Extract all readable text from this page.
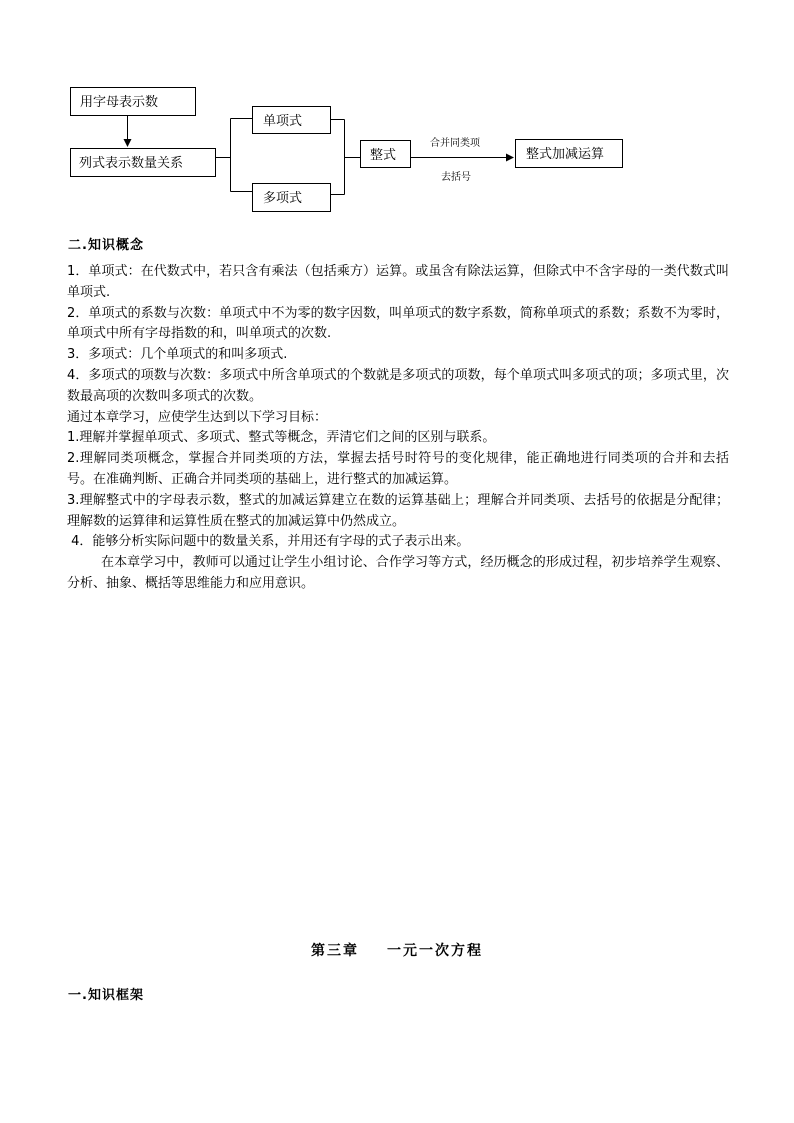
用字母表示数
列式表示数量关系
单项式
多项式
整式
合并同类项
去括号
整式加减运算
二.知识概念

1．单项式：在代数式中，若只含有乘法（包括乘方）运算。或虽含有除法运算，但除式中不含字母的一类代数式叫单项式.

2．单项式的系数与次数：单项式中不为零的数字因数，叫单项式的数字系数，简称单项式的系数；系数不为零时，单项式中所有字母指数的和，叫单项式的次数.

3．多项式：几个单项式的和叫多项式.

4．多项式的项数与次数：多项式中所含单项式的个数就是多项式的项数，每个单项式叫多项式的项；多项式里，次数最高项的次数叫多项式的次数。

通过本章学习，应使学生达到以下学习目标：

1.理解并掌握单项式、多项式、整式等概念，弄清它们之间的区别与联系。

2.理解同类项概念，掌握合并同类项的方法，掌握去括号时符号的变化规律，能正确地进行同类项的合并和去括号。在准确判断、正确合并同类项的基础上，进行整式的加减运算。

3.理解整式中的字母表示数，整式的加减运算建立在数的运算基础上；理解合并同类项、去括号的依据是分配律；理解数的运算律和运算性质在整式的加减运算中仍然成立。

4．能够分析实际问题中的数量关系，并用还有字母的式子表示出来。

在本章学习中，教师可以通过让学生小组讨论、合作学习等方式，经历概念的形成过程，初步培养学生观察、分析、抽象、概括等思维能力和应用意识。

第三章 一元一次方程
一.知识框架
